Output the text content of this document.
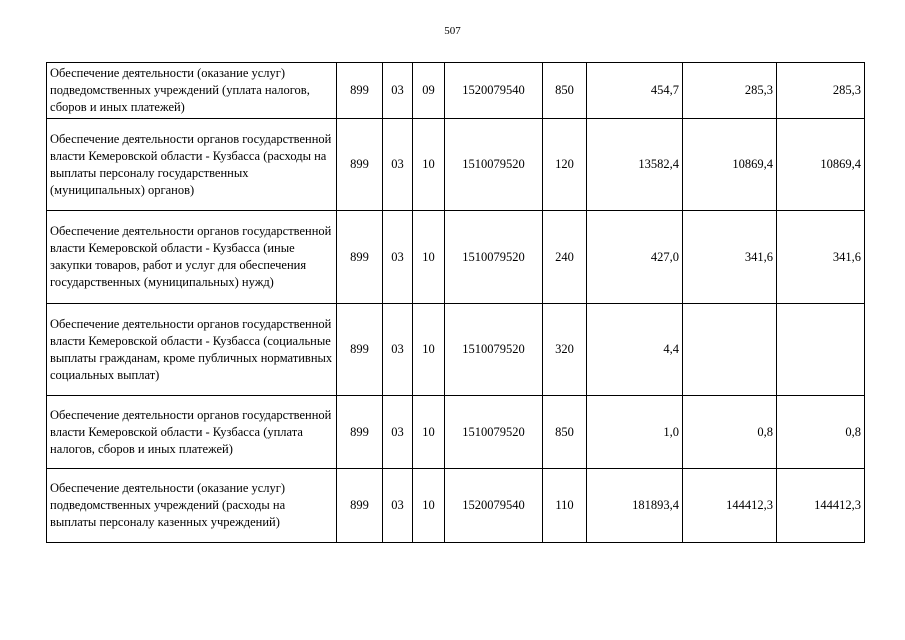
507
Обеспечение деятельности (оказание услуг) подведомственных учреждений (уплата налогов, сборов и иных платежей)	899	03	09	1520079540	850	454,7	285,3	285,3
Обеспечение деятельности органов государственной власти Кемеровской области - Кузбасса (расходы на выплаты персоналу государственных (муниципальных) органов)	899	03	10	1510079520	120	13582,4	10869,4	10869,4
Обеспечение деятельности органов государственной власти Кемеровской области - Кузбасса (иные закупки товаров, работ и услуг для обеспечения государственных (муниципальных) нужд)	899	03	10	1510079520	240	427,0	341,6	341,6
Обеспечение деятельности органов государственной власти Кемеровской области - Кузбасса (социальные выплаты гражданам, кроме публичных нормативных социальных выплат)	899	03	10	1510079520	320	4,4		
Обеспечение деятельности органов государственной власти Кемеровской области - Кузбасса (уплата налогов, сборов и иных платежей)	899	03	10	1510079520	850	1,0	0,8	0,8
Обеспечение деятельности (оказание услуг) подведомственных учреждений (расходы на выплаты персоналу казенных учреждений)	899	03	10	1520079540	110	181893,4	144412,3	144412,3
